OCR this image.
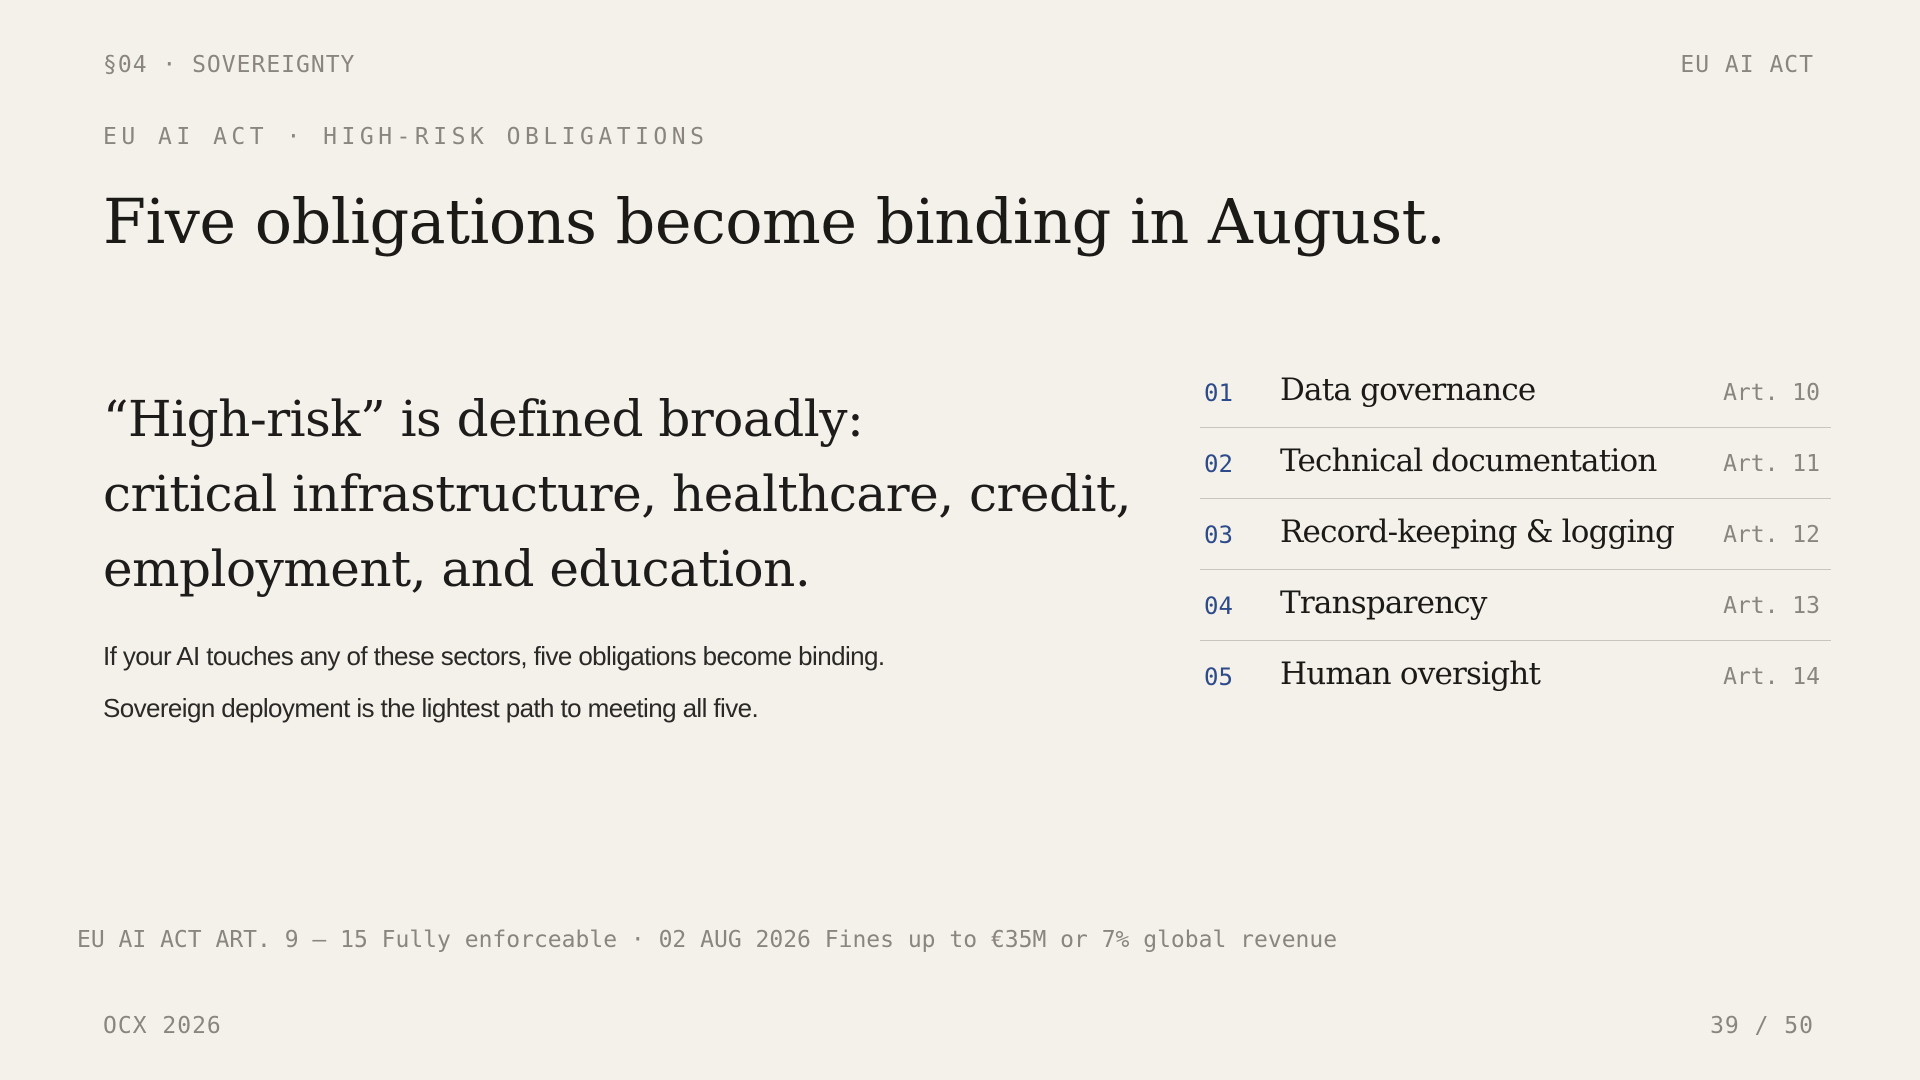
§04 · SOVEREIGNTY	EU AI ACT
EU AI ACT · HIGH-RISK OBLIGATIONS
Five obligations become binding in August.
“High-risk” is defined broadly:
critical infrastructure, healthcare, credit,
employment, and education.
If your AI touches any of these sectors, five obligations become binding.
Sovereign deployment is the lightest path to meeting all five.
01 Data governance	Art. 10
02 Technical documentation	Art. 11
03 Record-keeping & logging Art. 12
04 Transparency	Art. 13
05 Human oversight	Art. 14
EU AI ACT ART. 9 — 15 Fully enforceable · 02 AUG 2026 Fines up to €35M or 7% global revenue
OCX 2026	39 / 50
